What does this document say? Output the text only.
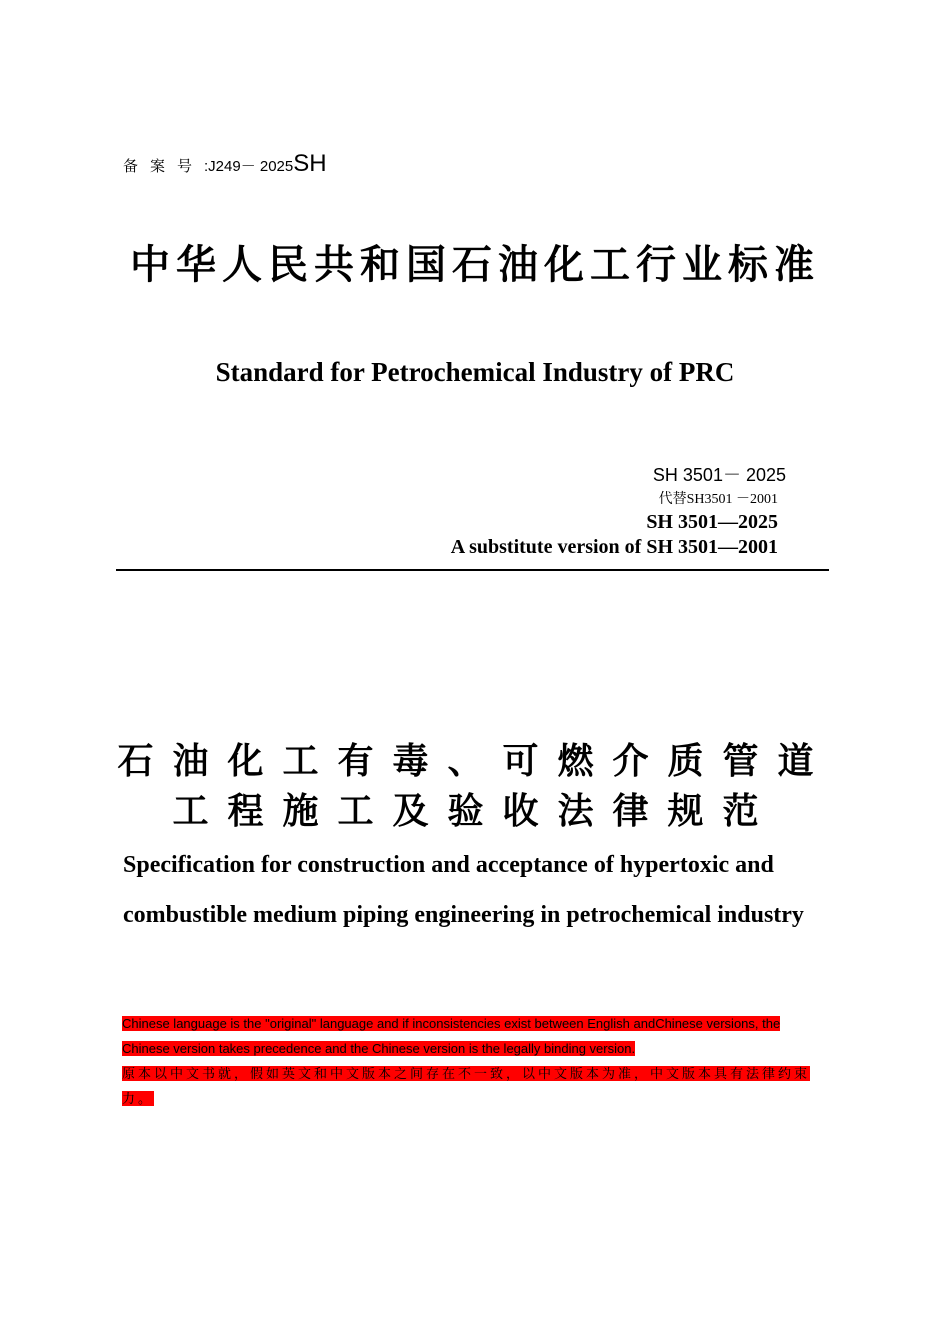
备案号:J249－ 2025SH
中华人民共和国石油化工行业标准
Standard for Petrochemical Industry of PRC
SH 3501－ 2025
代替SH3501 －2001
SH 3501—2025
A substitute version of SH 3501—2001
石油化工有毒、可燃介质管道
工程施工及验收法律规范
Specification for construction and acceptance of hypertoxic and combustible medium piping engineering in petrochemical industry
Chinese language is the "original" language and if inconsistencies exist between English andChinese versions, the Chinese version takes precedence and the Chinese version is the legally binding version.
原本以中文书就，假如英文和中文版本之间存在不一致，以中文版本为准，中文版本具有法律约束力。
